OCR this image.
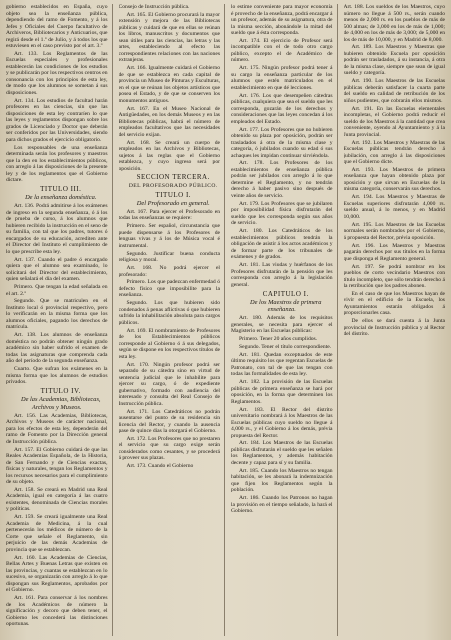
gobierno establecidos en España, cuyo objeto sea la enseñanza pública, dependiendo del ramo de Fomento, y á los Jefes y Oficiales del Cuerpo facultativo de Archiveros, Bibliotecarios y Anticuarios, que regirá desde el 1.º de Julio, y á todos los que estuviesen en el caso previsto por el art. 3.º

Art. 133. Los Reglamentos de las Escuelas especiales y profesionales establecerán las condiciones de los estudios y se publicarán por los respectivos centros en consonancia con los principios de esta ley, de modo que los alumnos se sometan á sus disposiciones.

Art. 134. Los estudios de facultad harán profesores en las ciencias, sin que las disposiciones de esta ley contraríen lo que las leyes y reglamentos dispongan sobre los grados de Licenciado y Doctor que deberán ser conferidos por las Universidades, siendo para dichos grados el ejercicio obligatorio.

Los responsables de una enseñanza determinada serán los profesores y maestros que la den en los establecimientos públicos, con arreglo á las disposiciones de la presente ley y de los reglamentos que el Gobierno dictare.

TITULO III.

De la enseñanza doméstica.

Art. 136. Podrá admitirse á los exámenes de ingreso en la segunda enseñanza, ó á los de prueba de curso, á los alumnos que hubieren recibido la instrucción en el seno de su familia, con tal que los padres, tutores ó encargados de su educación, acrediten ante el Director del Instituto el cumplimiento de lo que prescribe esta ley.

Art. 137. Cuando el padre ó encargado quiera que el alumno sea examinado, lo solicitará del Director del establecimiento, quien señalará el día del examen.

Primero. Que tengan la edad señalada en el art. 2.º

Segundo. Que se matriculen en el Instituto local ó provincial respectivo, pero lo verificarán en la misma forma que los alumnos oficiales, pagando los derechos de matrícula.

Art. 138. Los alumnos de enseñanza doméstica no podrán obtener ningún grado académico sin haber sufrido el examen de todas las asignaturas que comprenda cada año del período de la segunda enseñanza.

Cuarto. Que sufran los exámenes en la misma forma que los alumnos de estudios privados.

TITULO IV.

De las Academias, Bibliotecas, Archivos y Museos.

Art. 156. Las Academias, Bibliotecas, Archivos y Museos de carácter nacional, para los efectos de esta ley, dependerán del ramo de Fomento por la Dirección general de Instrucción pública.

Art. 157. El Gobierno cuidará de que las Reales Academias Española, de la Historia, de San Fernando y de Ciencias exactas, físicas y naturales, tengan los Reglamentos y los recursos necesarios para el cumplimiento de su objeto.

Art. 158. Se creará en Madrid una Real Academia, igual en categoría á las cuatro existentes, denominada de Ciencias morales y políticas.

Art. 159. Se creará igualmente una Real Academia de Medicina, á la cual pertenecerán los médicos de número de la Corte que señale el Reglamento, sin perjuicio de las demás Academias de provincia que se establezcan.

Art. 160. Las Academias de Ciencias, Bellas Artes y Buenas Letras que existen en las provincias, y cuantas se establezcan en lo sucesivo, se organizarán con arreglo á lo que dispongan sus Reglamentos, aprobados por el Gobierno.

Art. 161. Para conservar á los nombres de los Académicos de número la significación y decoro que deben tener, el Gobierno les concederá las distinciones oportunas.

Consejo de Instrucción pública.

Art. 165. El Gobierno procurará la mayor extensión y mejora de las Bibliotecas públicas y cuidará de que en ellas se reúnan los libros, manuscritos y documentos que sean útiles para las ciencias, las letras y las artes, estableciendo al efecto las correspondientes relaciones con las naciones extranjeras.

Art. 166. Igualmente cuidará el Gobierno de que se establezca en cada capital de provincia un Museo de Pinturas y Esculturas, en el que se reúnan los objetos artísticos que posea el Estado, y de que se conserven los monumentos antiguos.

Art. 167. En el Museo Nacional de Antigüedades, en los demás Museos y en las Bibliotecas públicas, habrá el número de empleados facultativos que las necesidades del servicio exijan.

Art. 168. Se creará un cuerpo de empleados en las Archivos y Bibliotecas, sujetos á las reglas que el Gobierno establezca, y cuyo ingreso será por oposición.

SECCION TERCERA.

DEL PROFESORADO PÚBLICO.

TITULO I.

Del Profesorado en general.

Art. 167. Para ejercer el Profesorado en todas las enseñanzas se requiere:

Primero. Ser español, circunstancia que puede dispensarse á los Profesores de lenguas vivas y á los de Música vocal é instrumental.

Segundo. Justificar buena conducta religiosa y moral.

Art. 168. No podrá ejercer el profesorado:

Primero. Los que padezcan enfermedad ó defecto físico que imposibilite para la enseñanza.

Segundo. Los que hubieren sido condenados á penas aflictivas ó que hubieren sufrido la inhabilitación absoluta para cargos públicos.

Art. 169. El nombramiento de Profesores de los Establecimientos públicos corresponde al Gobierno ó á sus delegados, según se dispone en los respectivos títulos de esta ley.

Art. 170. Ningún profesor podrá ser separado de su cátedra sino en virtud de sentencia judicial que le inhabilite para ejercer su cargo, ó de expediente gubernativo, formado con audiencia del interesado y consulta del Real Consejo de Instrucción pública.

Art. 171. Los Catedráticos no podrán ausentarse del punto de su residencia sin licencia del Rector, y cuando la ausencia pase de quince días la otorgará el Gobierno.

Art. 172. Los Profesores que no prestaren el servicio que su cargo exige serán considerados como cesantes, y se procederá á proveer sus plazas.

Art. 173. Cuando el Gobierno

lo estime conveniente para mayor economía é provecho de la enseñanza, podrá encargar á un profesor, además de su asignatura, otra de la misma sección, abonándole la mitad del sueldo que á ésta corresponda.

Art. 174. El ejercicio de Profesor será incompatible con el de todo otro cargo público, excepto el de Académico de número.

Art. 175. Ningún profesor podrá tener á su cargo la enseñanza particular de los alumnos que estén matriculados en el establecimiento en que dé lecciones.

Art. 176. Los que desempeñen cátedras públicas, cualquiera que sea el sueldo que les corresponda, gozarán de los derechos y consideraciones que las leyes concedan á los empleados del Estado.

Art. 177. Los Profesores que no hubieren obtenido su plaza por oposición, podrán ser trasladados á otra de la misma clase y categoría, ó jubilados cuando su edad ó sus achaques les impidan continuar sirviéndola.

Art. 178. Los Profesores de los establecimientos de enseñanza pública podrán ser jubilados con arreglo á lo que determine el Reglamento, y no tendrán derecho á haber pasivo sino después de veinte años de servicio.

Art. 179. Los Profesores que se jubilaren por imposibilidad física disfrutarán del sueldo que les corresponda según sus años de servicio.

Art. 180. Los Catedráticos de los establecimientos públicos tendrán la obligación de asistir á los actos académicos y de formar parte de los tribunales de exámenes y de grados.

Art. 181. Las viudas y huérfanos de los Profesores disfrutarán de la pensión que les corresponda con arreglo á la legislación general.

CAPITULO I.

De los Maestros de primera enseñanza.

Art. 180. Además de los requisitos generales, se necesita para ejercer el Magisterio en las Escuelas públicas:

Primero. Tener 20 años cumplidos.

Segundo. Tener el título correspondiente.

Art. 181. Quedan exceptuados de este último requisito los que regentan Escuelas de Patronato, con tal de que las tengan con todas las formalidades de esta ley.

Art. 182. La provisión de las Escuelas públicas de primera enseñanza se hará por oposición, en la forma que determinen los Reglamentos.

Art. 183. El Rector del distrito universitario nombrará á los Maestros de las Escuelas públicas cuyo sueldo no llegue á 4,000 rs., y el Gobierno á los demás, prévia propuesta del Rector.

Art. 184. Los Maestros de las Escuelas públicas disfrutarán el sueldo que les señalen los Reglamentos, y además habitación decente y capaz para sí y su familia.

Art. 185. Cuando los Maestros no tengan habitación, se les abonará la indemnización que fijen los Reglamentos según la población.

Art. 186. Cuando los Patronos no hagan la provisión en el tiempo señalado, la hará el Gobierno.

Art. 188. Los sueldos de los Maestros, cuyo número no llegue á 500 rs., serán cuando menos de 2,000 rs. en los pueblos de más de 500 almas; de 3,000 en los de más de 1,000; de 4,000 en los de más de 3,000; de 5,000 en los de más de 10,000, y en Madrid de 8,000.

Art. 189. Los Maestros y Maestras que hubieren obtenido Escuela por oposición podrán ser trasladados, á su instancia, á otra de la misma clase, siempre que sean de igual sueldo y categoría.

Art. 190. Los Maestros de las Escuelas públicas deberán satisfacer la cuarta parte del sueldo en calidad de retribución de los niños pudientes, que cobrarán ellos mismos.

Art. 191. En las Escuelas elementales incompletas, el Gobierno podrá reducir el sueldo de los Maestros á la cantidad que crea conveniente, oyendo al Ayuntamiento y á la Junta provincial.

Art. 192. Los Maestros y Maestras de las Escuelas públicas tendrán derecho á jubilación, con arreglo á las disposiciones que el Gobierno dicte.

Art. 193. Los Maestros de primera enseñanza que hayan obtenido plaza por oposición y que sirvan en Escuelas de la misma categoría, conservarán sus derechos.

Art. 194. Los Maestros y Maestras de Escuelas superiores disfrutarán 4,000 rs. sueldo anual, á lo menos, y en Madrid 10,000.

Art. 195. Los Maestros de las Escuelas normales serán nombrados por el Gobierno, á propuesta del Rector, prévia oposición.

Art. 196. Los Maestros y Maestras pagarán derechos por sus títulos en la forma que disponga el Reglamento general.

Art. 197. Se podrá nombrar en los pueblos de corto vecindario Maestros con título incompleto, que sólo tendrán derecho á la retribución que los padres abonen.

En el caso de que los Maestros hayan de vivir en el edificio de la Escuela, los Ayuntamientos estarán obligados á proporcionarles casa.

De ellos se dará cuenta á la Junta provincial de Instrucción pública y al Rector del distrito.
